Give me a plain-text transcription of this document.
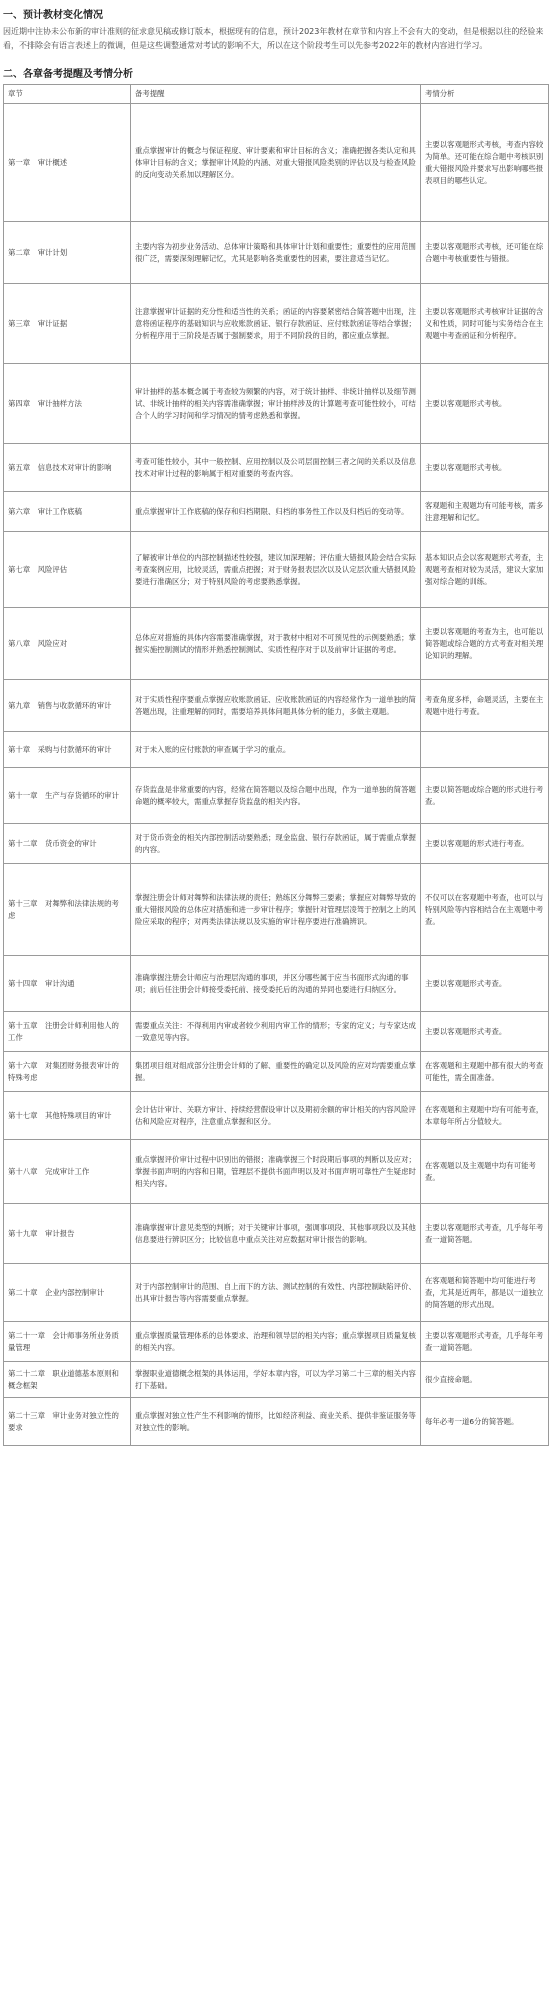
一、预计教材变化情况

因近期中注协未公布新的审计准则的征求意见稿或修订版本，根据现有的信息，预计2023年教材在章节和内容上不会有大的变动，但是根据以往的经验来看，不排除会有语言表述上的微调，但是这些调整通常对考试的影响不大，所以在这个阶段考生可以先参考2022年的教材内容进行学习。

二、各章备考提醒及考情分析
章节	备考提醒	考情分析
第一章　审计概述	重点掌握审计的概念与保证程度、审计要素和审计目标的含义；准确把握各类认定和具体审计目标的含义；掌握审计风险的内涵、对重大错报风险类别的评估以及与检查风险的反向变动关系加以理解区分。	主要以客观题形式考核，考查内容较为简单。还可能在综合题中考核识别重大错报风险并要求写出影响哪些报表项目的哪些认定。
第二章　审计计划	主要内容为初步业务活动、总体审计策略和具体审计计划和重要性；重要性的应用范围很广泛，需要深刻理解记忆，尤其是影响各类重要性的因素，要注意适当记忆。	主要以客观题形式考核，还可能在综合题中考核重要性与错报。
第三章　审计证据	注意掌握审计证据的充分性和适当性的关系；函证的内容要紧密结合简答题中出现，注意将函证程序的基础知识与应收账款函证、银行存款函证、应付账款函证等结合掌握；分析程序用于三阶段是否属于强制要求，用于不同阶段的目的，都应重点掌握。	主要以客观题形式考核审计证据的含义和性质，同时可能与实务结合在主观题中考查函证和分析程序。
第四章　审计抽样方法	审计抽样的基本概念属于考查较为频繁的内容，对于统计抽样、非统计抽样以及细节测试、非统计抽样的相关内容需准确掌握；审计抽样涉及的计算题考查可能性较小，可结合个人的学习时间和学习情况的情考虑熟悉和掌握。	主要以客观题形式考核。
第五章　信息技术对审计的影响	考查可能性较小，其中一般控制、应用控制以及公司层面控制三者之间的关系以及信息技术对审计过程的影响属于相对重要的考查内容。	主要以客观题形式考核。
第六章　审计工作底稿	重点掌握审计工作底稿的保存和归档期限、归档的事务性工作以及归档后的变动等。	客观题和主观题均有可能考核，需多注意理解和记忆。
第七章　风险评估	了解被审计单位的内部控制描述性较强，建议加深理解；评估重大错报风险会结合实际考查案例应用，比较灵活，需重点把握；对于财务报表层次以及认定层次重大错报风险要进行准确区分；对于特别风险的考虑要熟悉掌握。	基本知识点会以客观题形式考查，主观题考查相对较为灵活，建议大家加强对综合题的训练。
第八章　风险应对	总体应对措施的具体内容需要准确掌握，对于教材中相对不可预见性的示例要熟悉；掌握实施控制测试的情形并熟悉控制测试、实质性程序对于以及前审计证据的考虑。	主要以客观题的考查为主，也可能以简答题或综合题的方式考查对相关理论知识的理解。
第九章　销售与收款循环的审计	对于实质性程序要重点掌握应收账款函证、应收账款函证的内容经常作为一道单独的简答题出现，注重理解的同时，需要培养具体问题具体分析的能力，多做主观题。	考查角度多样，命题灵活，主要在主观题中进行考查。
第十章　采购与付款循环的审计	对于未入账的应付账款的审查属于学习的重点。	
第十一章　生产与存货循环的审计	存货监盘是非常重要的内容，经常在简答题以及综合题中出现，作为一道单独的简答题命题的概率较大，需重点掌握存货监盘的相关内容。	主要以简答题或综合题的形式进行考查。
第十二章　货币资金的审计	对于货币资金的相关内部控制活动要熟悉；现金监盘、银行存款函证，属于需重点掌握的内容。	主要以客观题的形式进行考查。
第十三章　对舞弊和法律法规的考虑	掌握注册会计师对舞弊和法律法规的责任；熟练区分舞弊三要素；掌握应对舞弊导致的重大错报风险的总体应对措施和进一步审计程序；掌握针对管理层凌驾于控制之上的风险应采取的程序；对两类法律法规以及实施的审计程序要进行准确辨识。	不仅可以在客观题中考查，也可以与特别风险等内容相结合在主观题中考查。
第十四章　审计沟通	准确掌握注册会计师应与治理层沟通的事项，并区分哪些属于应当书面形式沟通的事项；前后任注册会计师接受委托前、接受委托后的沟通的异同也要进行归纳区分。	主要以客观题形式考查。
第十五章　注册会计师利用他人的工作	需要重点关注：不得利用内审或者较少利用内审工作的情形；专家的定义；与专家达成一致意见等内容。	主要以客观题形式考查。
第十六章　对集团财务报表审计的特殊考虑	集团项目组对组成部分注册会计师的了解、重要性的确定以及风险的应对均需要重点掌握。	在客观题和主观题中都有很大的考查可能性，需全面准备。
第十七章　其他特殊项目的审计	会计估计审计、关联方审计、持续经营假设审计以及期初余额的审计相关的内容风险评估和风险应对程序，注意重点掌握和区分。	在客观题和主观题中均有可能考查，本章每年所占分值较大。
第十八章　完成审计工作	重点掌握评价审计过程中识别出的错报；准确掌握三个时段期后事项的判断以及应对；掌握书面声明的内容和日期，管理层不提供书面声明以及对书面声明可靠性产生疑虑时相关内容。	在客观题以及主观题中均有可能考查。
第十九章　审计报告	准确掌握审计意见类型的判断；对于关键审计事项，强调事项段、其他事项段以及其他信息要进行辨识区分；比较信息中重点关注对应数据对审计报告的影响。	主要以客观题形式考查，几乎每年考查一道简答题。
第二十章　企业内部控制审计	对于内部控制审计的范围、自上而下的方法、测试控制的有效性、内部控制缺陷评价、出具审计报告等内容需要重点掌握。	在客观题和简答题中均可能进行考查，尤其是近两年，都是以一道独立的简答题的形式出现。
第二十一章　会计师事务所业务质量管理	重点掌握质量管理体系的总体要求、治理和领导层的相关内容；重点掌握项目质量复核的相关内容。	主要以客观题形式考查，几乎每年考查一道简答题。
第二十二章　职业道德基本原则和概念框架	掌握职业道德概念框架的具体运用，学好本章内容，可以为学习第二十三章的相关内容打下基础。	很少直接命题。
第二十三章　审计业务对独立性的要求	重点掌握对独立性产生不利影响的情形，比如经济利益、商业关系、提供非鉴证服务等对独立性的影响。	每年必考一道6分的简答题。
